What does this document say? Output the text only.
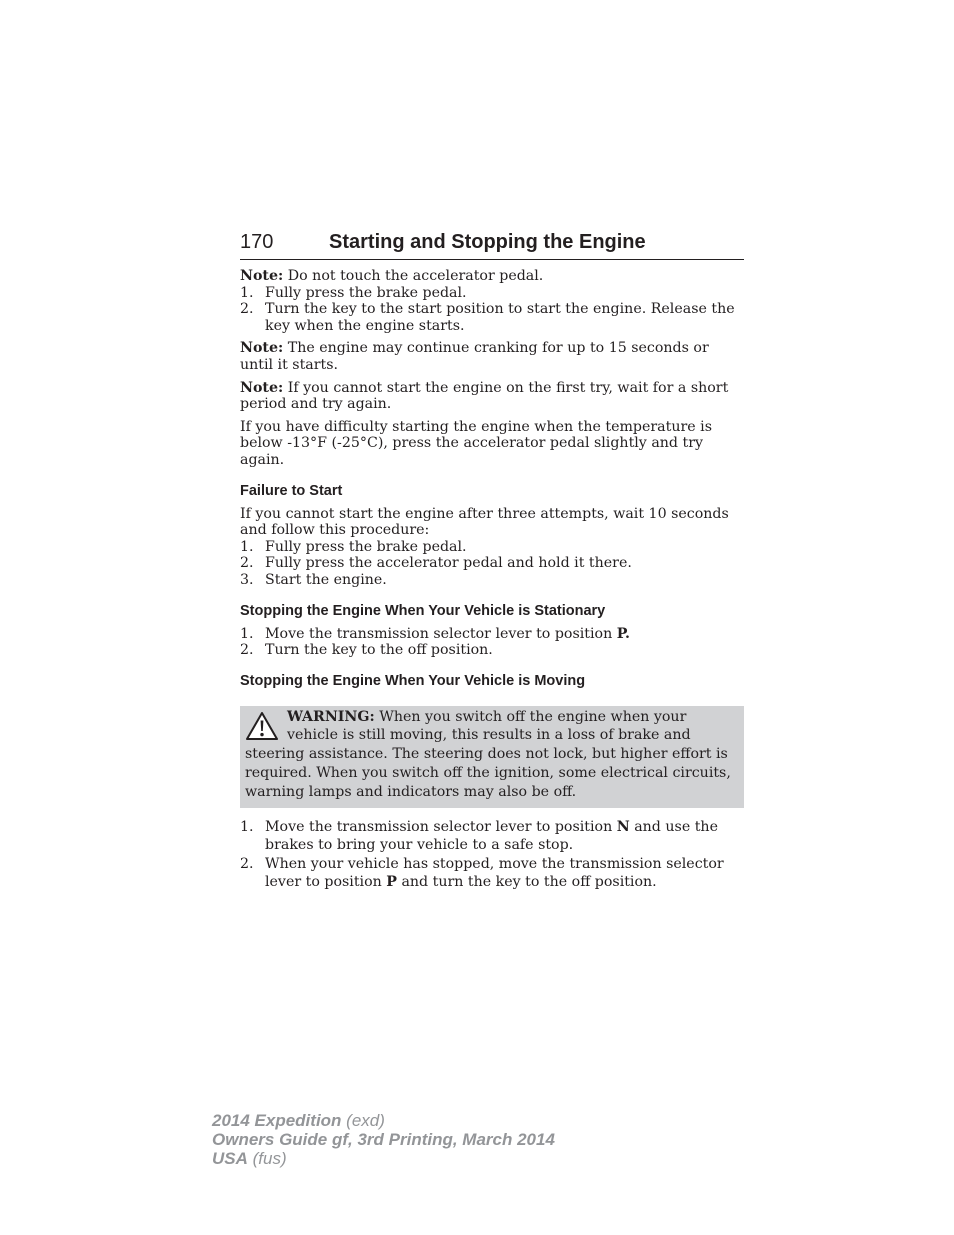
170	Starting and Stopping the Engine

Note: Do not touch the accelerator pedal.

1. Fully press the brake pedal.
2. Turn the key to the start position to start the engine. Release the key when the engine starts.

Note: The engine may continue cranking for up to 15 seconds or until it starts.

Note: If you cannot start the engine on the first try, wait for a short period and try again.

If you have difficulty starting the engine when the temperature is below -13°F (-25°C), press the accelerator pedal slightly and try again.

Failure to Start

If you cannot start the engine after three attempts, wait 10 seconds and follow this procedure:

1. Fully press the brake pedal.
2. Fully press the accelerator pedal and hold it there.
3. Start the engine.
Stopping the Engine When Your Vehicle is Stationary
1. Move the transmission selector lever to position P.
2. Turn the key to the off position.
Stopping the Engine When Your Vehicle is Moving
WARNING: When you switch off the engine when your vehicle is still moving, this results in a loss of brake and steering assistance. The steering does not lock, but higher effort is required. When you switch off the ignition, some electrical circuits, warning lamps and indicators may also be off.
1. Move the transmission selector lever to position N and use the brakes to bring your vehicle to a safe stop.
2. When your vehicle has stopped, move the transmission selector lever to position P and turn the key to the off position.
2014 Expedition (exd)
Owners Guide gf, 3rd Printing, March 2014
USA (fus)
